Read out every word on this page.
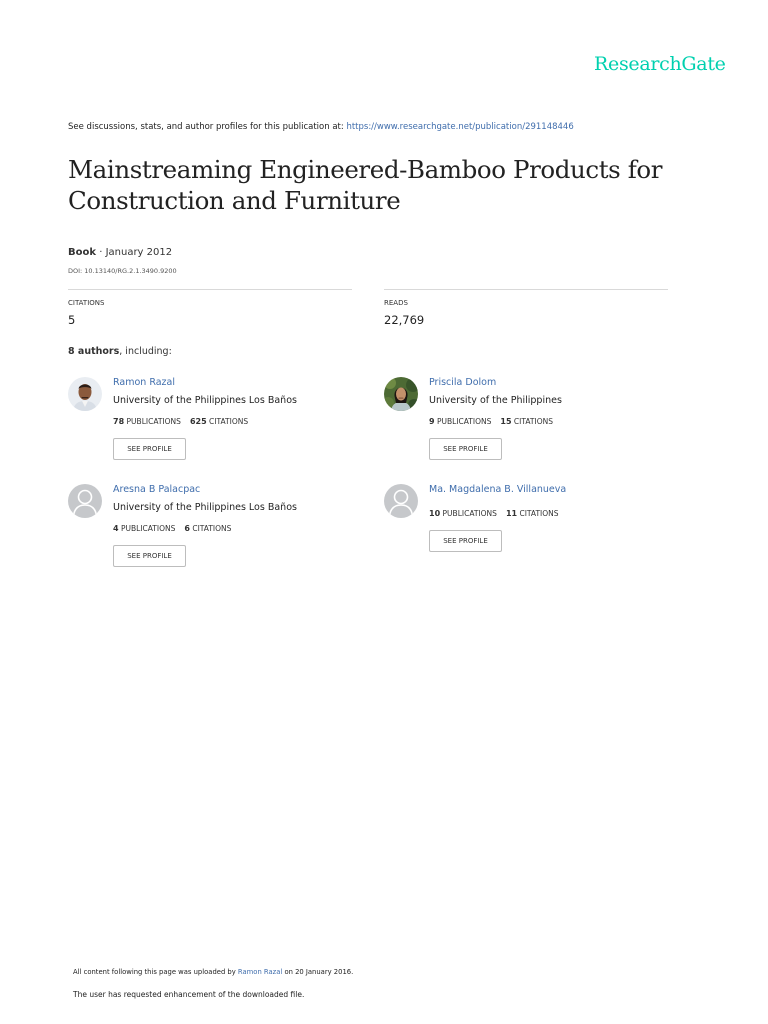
ResearchGate
See discussions, stats, and author profiles for this publication at: https://www.researchgate.net/publication/291148446
Mainstreaming Engineered-Bamboo Products for Construction and Furniture
Book · January 2012
DOI: 10.13140/RG.2.1.3490.9200
CITATIONS
5
READS
22,769
8 authors, including:
Ramon Razal
University of the Philippines Los Baños
78 PUBLICATIONS 625 CITATIONS
SEE PROFILE
Priscila Dolom
University of the Philippines
9 PUBLICATIONS 15 CITATIONS
SEE PROFILE
Aresna B Palacpac
University of the Philippines Los Baños
4 PUBLICATIONS 6 CITATIONS
SEE PROFILE
Ma. Magdalena B. Villanueva
10 PUBLICATIONS 11 CITATIONS
SEE PROFILE
All content following this page was uploaded by Ramon Razal on 20 January 2016.
The user has requested enhancement of the downloaded file.
